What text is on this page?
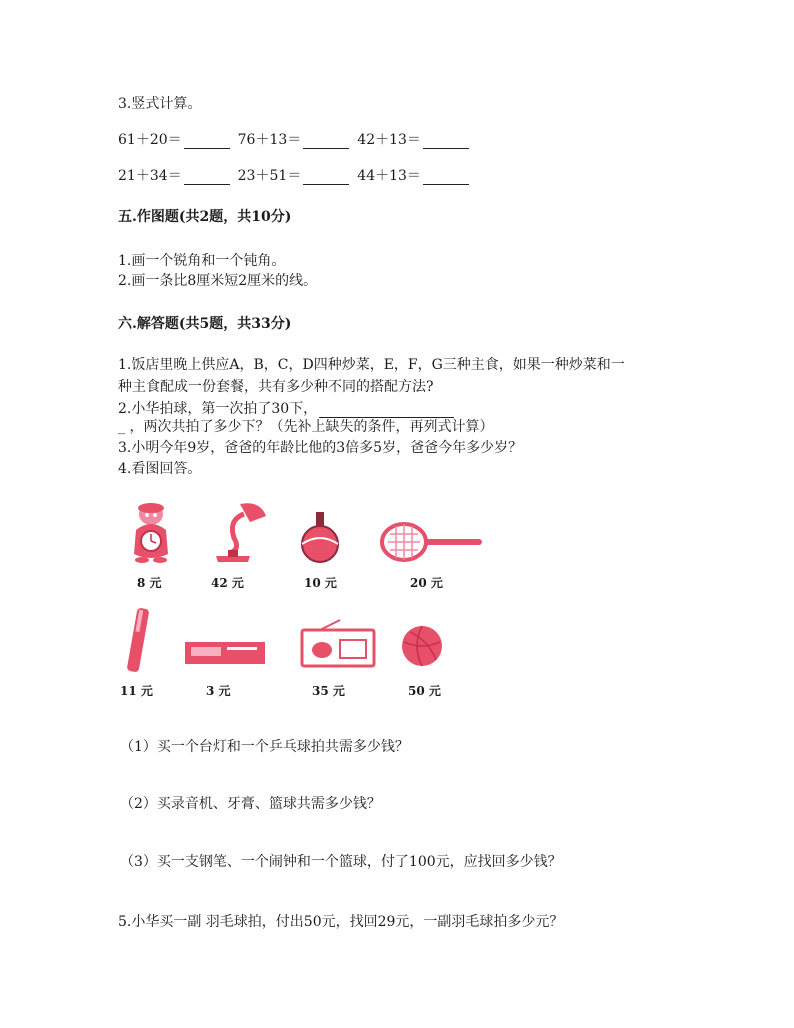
3.竖式计算。
61＋20＝	76＋13＝	42＋13＝
21＋34＝	23＋51＝	44＋13＝
五.作图题(共2题，共10分)
1.画一个锐角和一个钝角。
2.画一条比8厘米短2厘米的线。
六.解答题(共5题，共33分)
1.饭店里晚上供应A，B，C，D四种炒菜，E，F，G三种主食，如果一种炒菜和一
种主食配成一份套餐，共有多少种不同的搭配方法?
2.小华拍球，第一次拍了30下，
_ ，两次共拍了多少下？（先补上缺失的条件，再列式计算）
3.小明今年9岁，爸爸的年龄比他的3倍多5岁，爸爸今年多少岁？
4.看图回答。
8 元	42 元	10 元	20 元
11 元	3 元	35 元	50 元
（1）买一个台灯和一个乒乓球拍共需多少钱？
（2）买录音机、牙膏、篮球共需多少钱？
（3）买一支钢笔、一个闹钟和一个篮球，付了100元，应找回多少钱？
5.小华买一副 羽毛球拍，付出50元，找回29元，一副羽毛球拍多少元？
